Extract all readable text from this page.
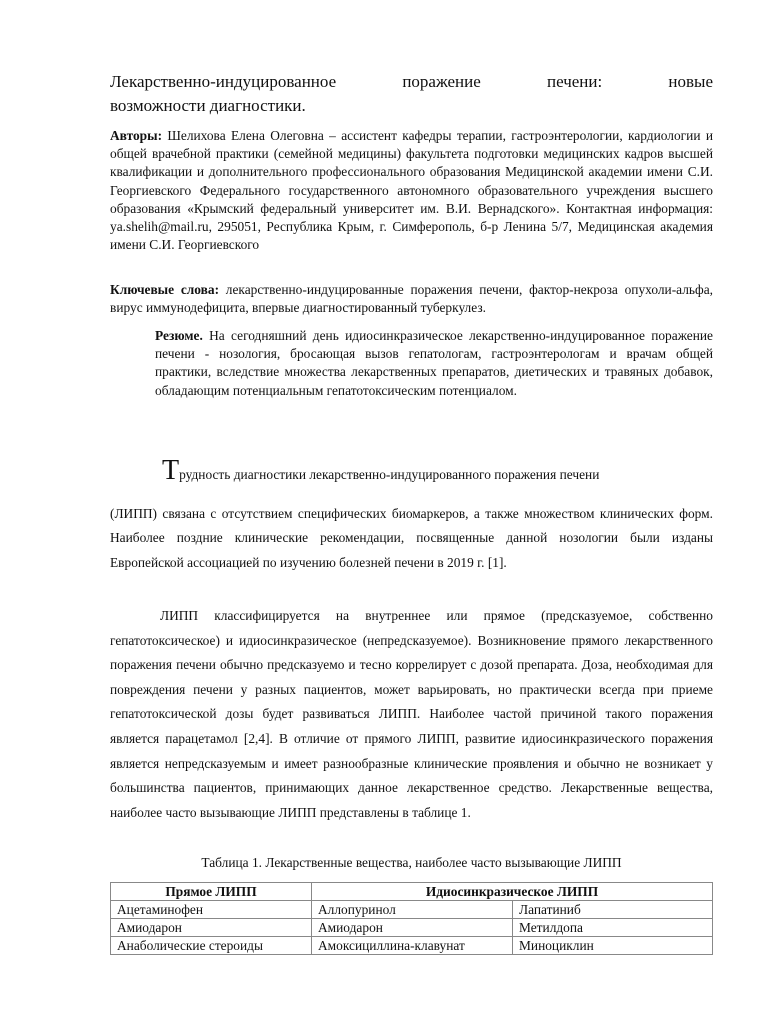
Лекарственно-индуцированное поражение печени: новые
возможности диагностики.

Авторы: Шелихова Елена Олеговна – ассистент кафедры терапии, гастроэнтерологии, кардиологии и общей врачебной практики (семейной медицины) факультета подготовки медицинских кадров высшей квалификации и дополнительного профессионального образования Медицинской академии имени С.И. Георгиевского Федерального государственного автономного образовательного учреждения высшего образования «Крымский федеральный университет им. В.И. Вернадского». Контактная информация: ya.shelih@mail.ru, 295051, Республика Крым, г. Симферополь, б-р Ленина 5/7, Медицинская академия имени С.И. Георгиевского

Ключевые слова: лекарственно-индуцированные поражения печени, фактор-некроза опухоли-альфа, вирус иммунодефицита, впервые диагностированный туберкулез.

Резюме. На сегодняшний день идиосинкразическое лекарственно-индуцированное поражение печени - нозология, бросающая вызов гепатологам, гастроэнтерологам и врачам общей практики, вследствие множества лекарственных препаратов, диетических и травяных добавок, обладающим потенциальным гепатотоксическим потенциалом.

Трудность диагностики лекарственно-индуцированного поражения печени
(ЛИПП) связана с отсутствием специфических биомаркеров, а также множеством клинических форм. Наиболее поздние клинические рекомендации, посвященные данной нозологии были изданы Европейской ассоциацией по изучению болезней печени в 2019 г. [1].

ЛИПП классифицируется на внутреннее или прямое (предсказуемое, собственно гепатотоксическое) и идиосинкразическое (непредсказуемое). Возникновение прямого лекарственного поражения печени обычно предсказуемо и тесно коррелирует с дозой препарата. Доза, необходимая для повреждения печени у разных пациентов, может варьировать, но практически всегда при приеме гепатотоксической дозы будет развиваться ЛИПП. Наиболее частой причиной такого поражения является парацетамол [2,4]. В отличие от прямого ЛИПП, развитие идиосинкразического поражения является непредсказуемым и имеет разнообразные клинические проявления и обычно не возникает у большинства пациентов, принимающих данное лекарственное средство. Лекарственные вещества, наиболее часто вызывающие ЛИПП представлены в таблице 1.

Таблица 1. Лекарственные вещества, наиболее часто вызывающие ЛИПП

Прямое ЛИПП	Идиосинкразическое ЛИПП	
Ацетаминофен	Аллопуринол	Лапатиниб
Амиодарон	Амиодарон	Метилдопа
Анаболические стероиды	Амоксициллина-клавунат	Миноциклин
